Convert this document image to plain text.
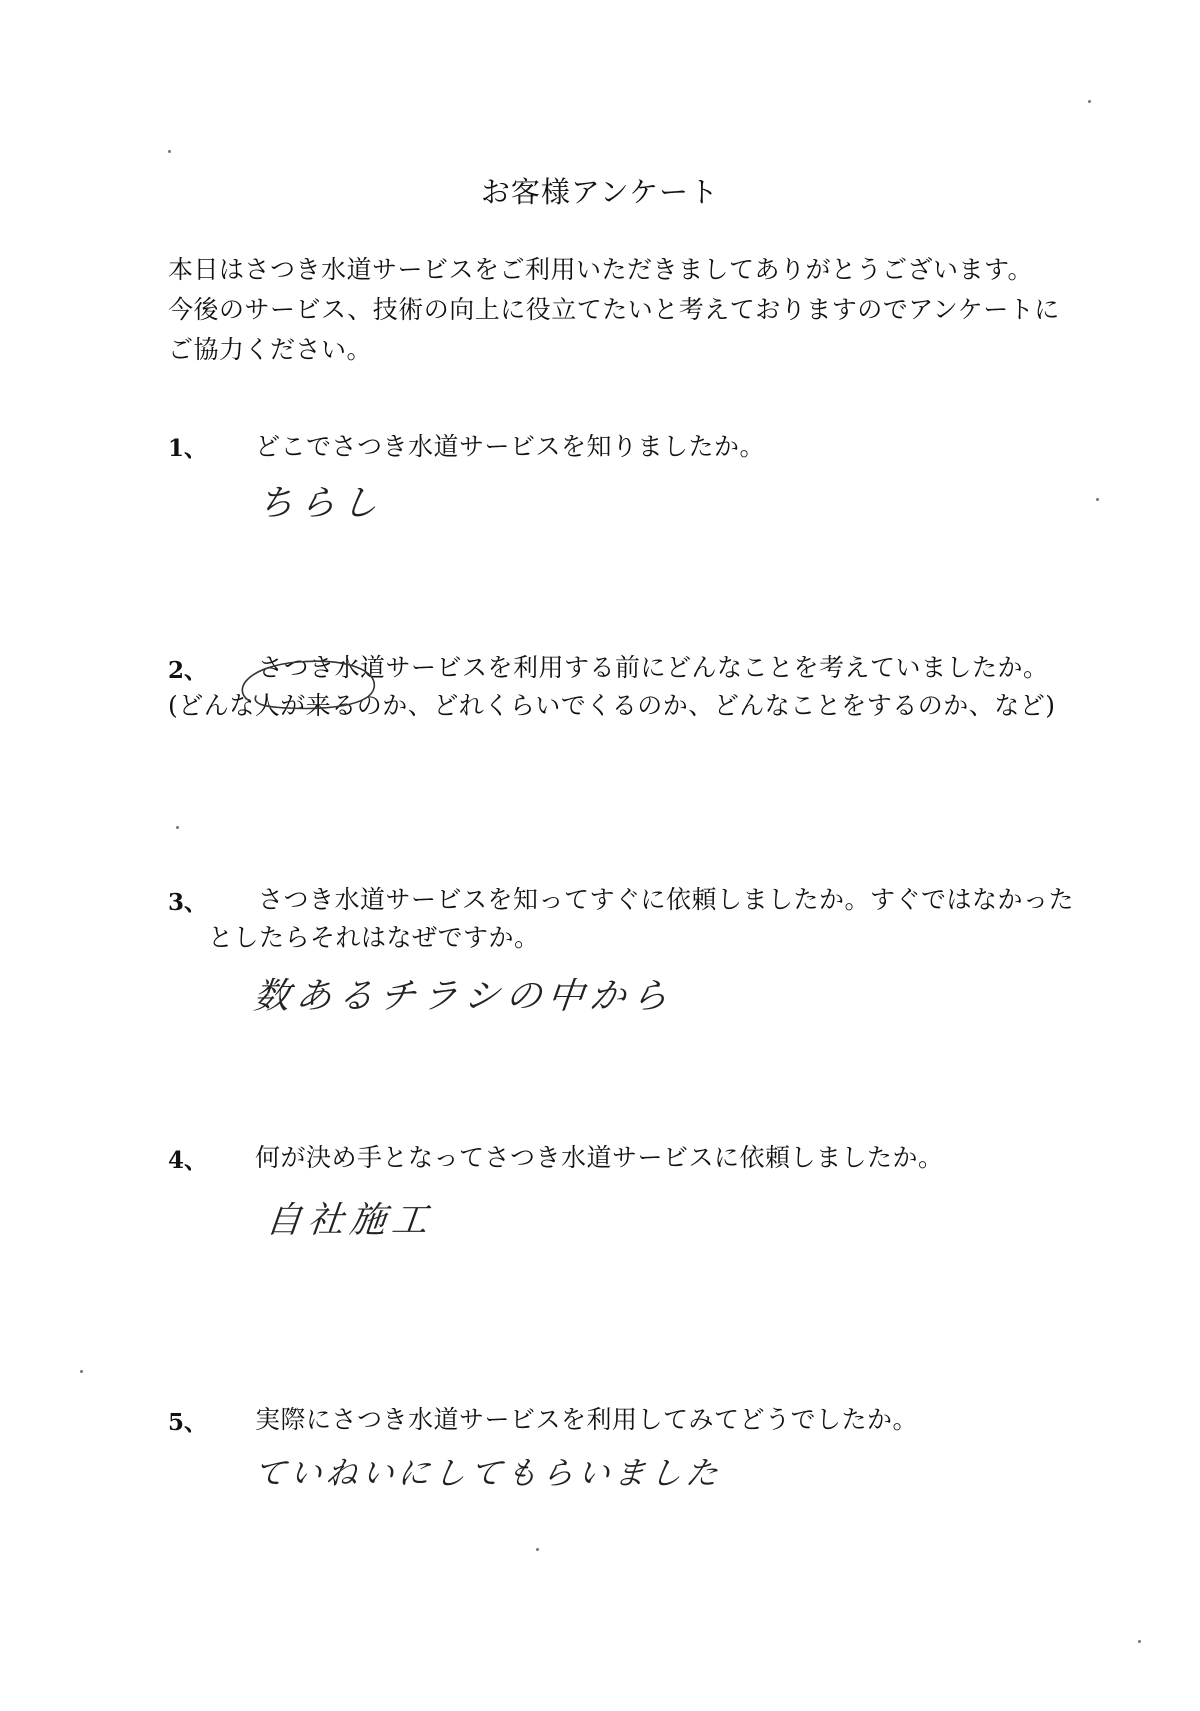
お客様アンケート
本日はさつき水道サービスをご利用いただきましてありがとうございます。
今後のサービス、技術の向上に役立てたいと考えておりますのでアンケートに
ご協力ください。
1、 どこでさつき水道サービスを知りましたか。
ちらし
2、 さつき水道サービスを利用する前にどんなことを考えていましたか。
(どんな人が来るのか、どれくらいでくるのか、どんなことをするのか、など)
3、 さつき水道サービスを知ってすぐに依頼しましたか。すぐではなかった
としたらそれはなぜですか。
数あるチラシの中から
4、 何が決め手となってさつき水道サービスに依頼しましたか。
自社施工
5、 実際にさつき水道サービスを利用してみてどうでしたか。
ていねいにしてもらいました
